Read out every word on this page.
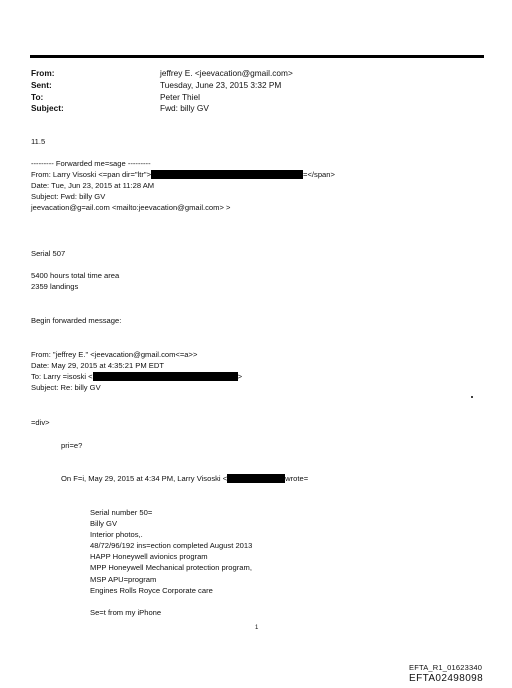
From:	jeffrey E. <jeevacation@gmail.com>
Sent:	Tuesday, June 23, 2015 3:32 PM
To:	Peter Thiel
Subject:	Fwd: billy GV
11.5
--------- Forwarded me=sage ---------
From: Larry Visoski <=pan dir="ltr">	=</span>
Date: Tue, Jun 23, 2015 at 11:28 AM
Subject: Fwd: billy GV
jeevacation@g=ail.com <mailto:jeevacation@gmail.com> >
Serial 507
5400 hours total time area
2359 landings
Begin forwarded message:
From: "jeffrey E." <jeevacation@gmail.com<=a>>
Date: May 29, 2015 at 4:35:21 PM EDT
To: Larry =isoski <	>
Subject: Re: billy GV
=div>
pri=e?
On F=i, May 29, 2015 at 4:34 PM, Larry Visoski <	wrote=
Serial number 50=
Billy GV
Interior photos,.
48/72/96/192 ins=ection completed August 2013
HAPP Honeywell avionics program
MPP Honeywell Mechanical protection program,
MSP APU=program
Engines Rolls Royce Corporate care
Se=t from my iPhone
1
EFTA_R1_01623340
EFTA02498098
